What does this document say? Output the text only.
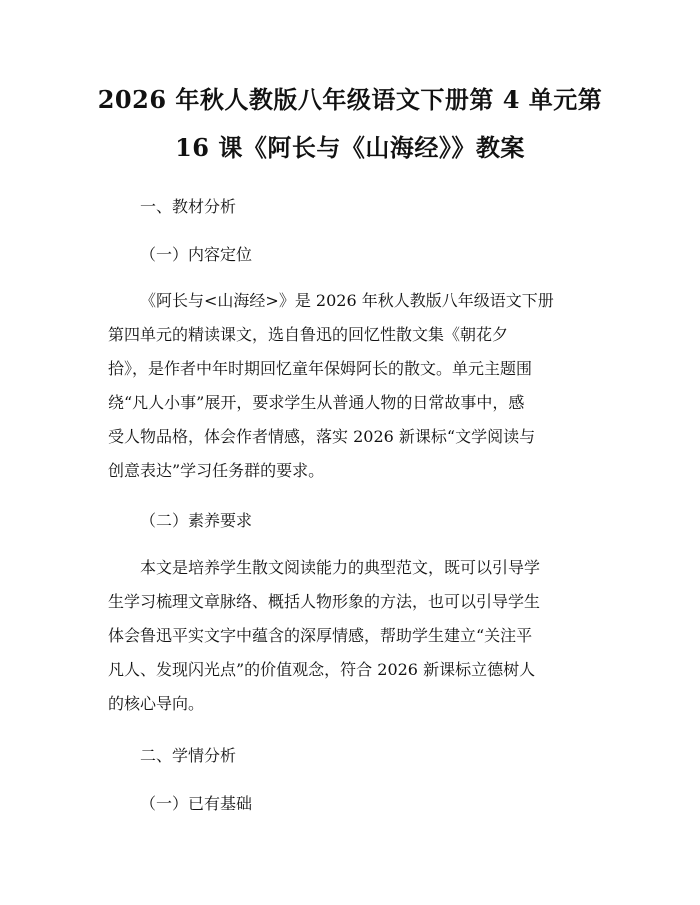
2026 年秋人教版八年级语文下册第 4 单元第
16 课《阿长与《山海经》》教案
一、教材分析
（一）内容定位
《阿长与<山海经>》是 2026 年秋人教版八年级语文下册
第四单元的精读课文，选自鲁迅的回忆性散文集《朝花夕
拾》，是作者中年时期回忆童年保姆阿长的散文。单元主题围
绕“凡人小事”展开，要求学生从普通人物的日常故事中，感
受人物品格，体会作者情感，落实 2026 新课标“文学阅读与
创意表达”学习任务群的要求。
（二）素养要求
本文是培养学生散文阅读能力的典型范文，既可以引导学
生学习梳理文章脉络、概括人物形象的方法，也可以引导学生
体会鲁迅平实文字中蕴含的深厚情感，帮助学生建立“关注平
凡人、发现闪光点”的价值观念，符合 2026 新课标立德树人
的核心导向。
二、学情分析
（一）已有基础
